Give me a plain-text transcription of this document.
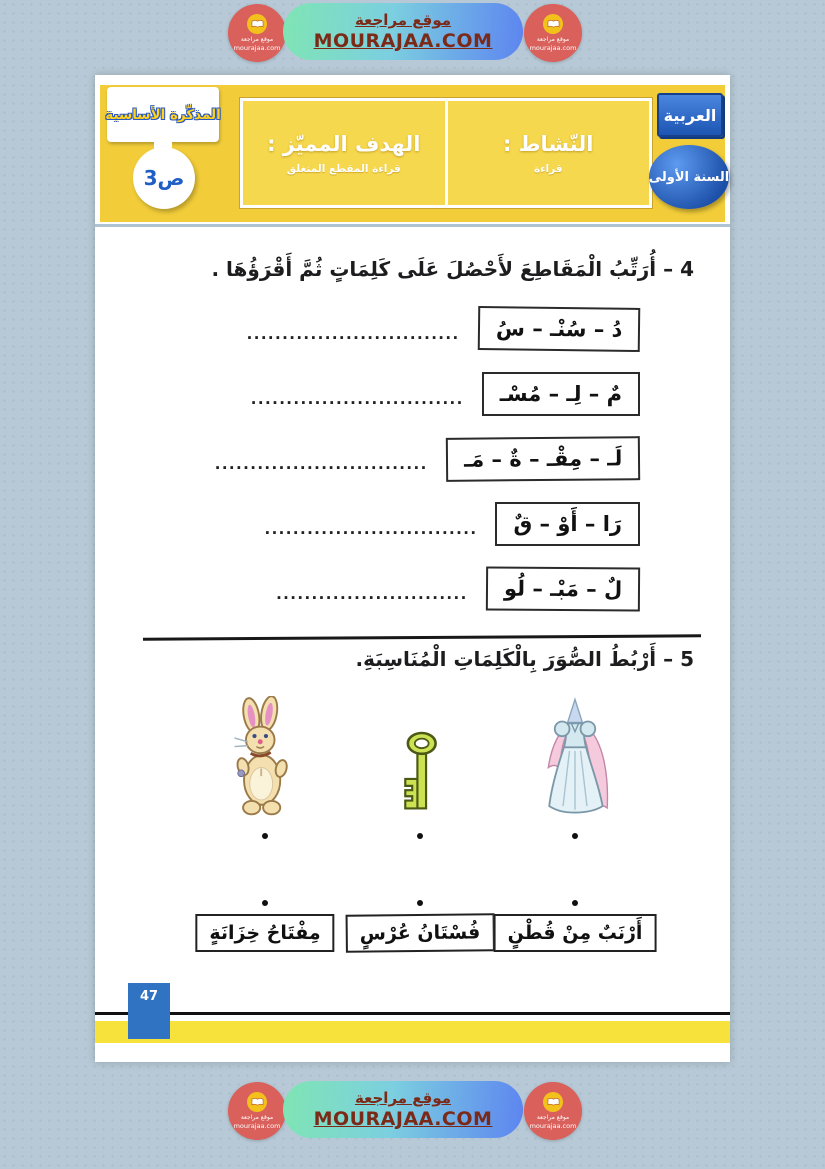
موقع مراجعة
mourajaa.com
موقع مراجعة
MOURAJAA.COM	موقع مراجعة
mourajaa.com
المذكّرة الأساسية
ص3
الهدف المميّز :
قراءة المقطع المنغلق
النّشاط :
قراءة
العربية
السنة الأولى
4 – أُرَتِّبُ الْمَقَاطِعَ لأَحْصُلَ عَلَى كَلِمَاتٍ ثُمَّ أَقْرَؤُهَا .
دُ – سُنْـ – سُ
..............................
مٌ – لِـ – مُسْـ
..............................
لَـ – مِقْـ – ةٌ – مَـ
..............................
رَا – أَوْ – قٌ
..............................
لٌ – مَبْـ – لُو
...........................
5 – أَرْبُطُ الصُّوَرَ بِالْكَلِمَاتِ الْمُنَاسِبَةِ.
مِفْتَاحُ خِزَانَةٍ	فُسْتَانُ عُرْسٍ	أَرْنَبٌ مِنْ قُطْنٍ
47
موقع مراجعة
mourajaa.com
موقع مراجعة
MOURAJAA.COM	موقع مراجعة
mourajaa.com
